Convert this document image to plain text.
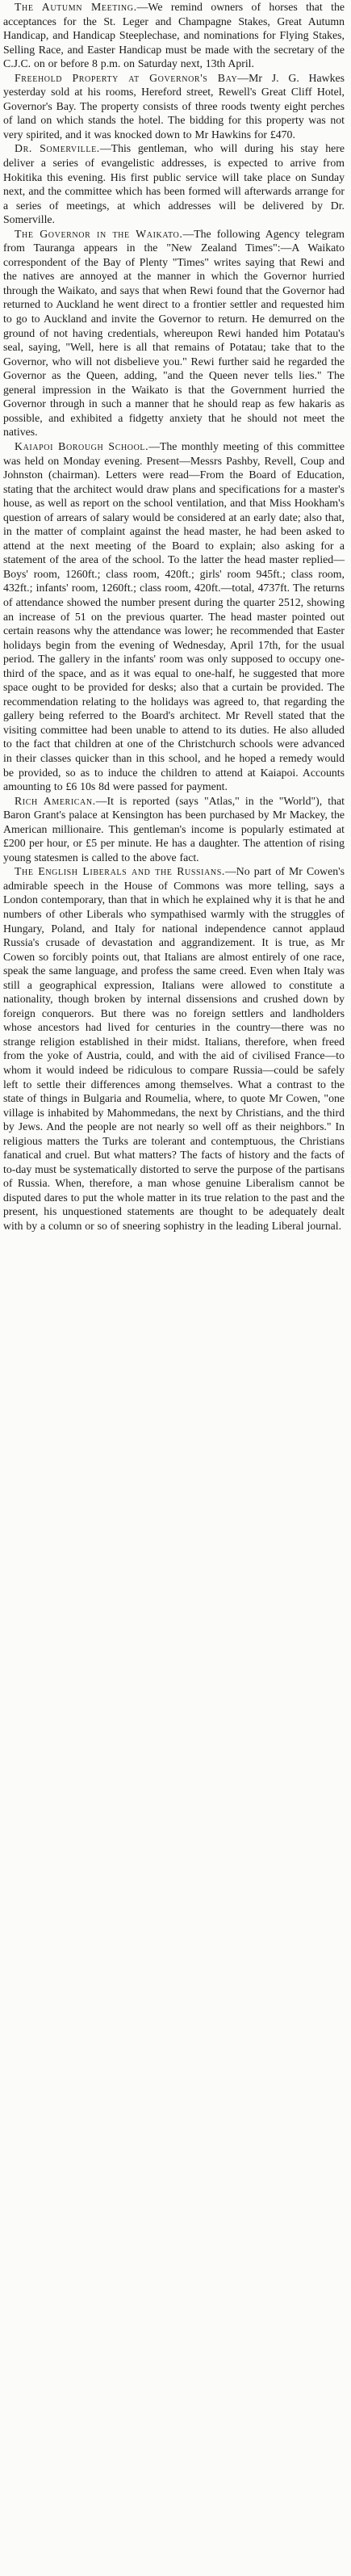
The Autumn Meeting.—We remind owners of horses that the acceptances for the St. Leger and Champagne Stakes, Great Autumn Handicap, and Handicap Steeplechase, and nominations for Flying Stakes, Selling Race, and Easter Handicap must be made with the secretary of the C.J.C. on or before 8 p.m. on Saturday next, 13th April.

Freehold Property at Governor's Bay—Mr J. G. Hawkes yesterday sold at his rooms, Hereford street, Rewell's Great Cliff Hotel, Governor's Bay. The property consists of three roods twenty eight perches of land on which stands the hotel. The bidding for this property was not very spirited, and it was knocked down to Mr Hawkins for £470.

Dr. Somerville.—This gentleman, who will during his stay here deliver a series of evangelistic addresses, is expected to arrive from Hokitika this evening. His first public service will take place on Sunday next, and the committee which has been formed will afterwards arrange for a series of meetings, at which addresses will be delivered by Dr. Somerville.

The Governor in the Waikato.—The following Agency telegram from Tauranga appears in the "New Zealand Times":—A Waikato correspondent of the Bay of Plenty "Times" writes saying that Rewi and the natives are annoyed at the manner in which the Governor hurried through the Waikato, and says that when Rewi found that the Governor had returned to Auckland he went direct to a frontier settler and requested him to go to Auckland and invite the Governor to return. He demurred on the ground of not having credentials, whereupon Rewi handed him Potatau's seal, saying, "Well, here is all that remains of Potatau; take that to the Governor, who will not disbelieve you." Rewi further said he regarded the Governor as the Queen, adding, "and the Queen never tells lies." The general impression in the Waikato is that the Government hurried the Governor through in such a manner that he should reap as few hakaris as possible, and exhibited a fidgetty anxiety that he should not meet the natives.

Kaiapoi Borough School.—The monthly meeting of this committee was held on Monday evening. Present—Messrs Pashby, Revell, Coup and Johnston (chairman). Letters were read—From the Board of Education, stating that the architect would draw plans and specifications for a master's house, as well as report on the school ventilation, and that Miss Hookham's question of arrears of salary would be considered at an early date; also that, in the matter of complaint against the head master, he had been asked to attend at the next meeting of the Board to explain; also asking for a statement of the area of the school. To the latter the head master replied—Boys' room, 1260ft.; class room, 420ft.; girls' room 945ft.; class room, 432ft.; infants' room, 1260ft.; class room, 420ft.—total, 4737ft. The returns of attendance showed the number present during the quarter 2512, showing an increase of 51 on the previous quarter. The head master pointed out certain reasons why the attendance was lower; he recommended that Easter holidays begin from the evening of Wednesday, April 17th, for the usual period. The gallery in the infants' room was only supposed to occupy one-third of the space, and as it was equal to one-half, he suggested that more space ought to be provided for desks; also that a curtain be provided. The recommendation relating to the holidays was agreed to, that regarding the gallery being referred to the Board's architect. Mr Revell stated that the visiting committee had been unable to attend to its duties. He also alluded to the fact that children at one of the Christchurch schools were advanced in their classes quicker than in this school, and he hoped a remedy would be provided, so as to induce the children to attend at Kaiapoi. Accounts amounting to £6 10s 8d were passed for payment.

Rich American.—It is reported (says "Atlas," in the "World"), that Baron Grant's palace at Kensington has been purchased by Mr Mackey, the American millionaire. This gentleman's income is popularly estimated at £200 per hour, or £5 per minute. He has a daughter. The attention of rising young statesmen is called to the above fact.

The English Liberals and the Russians.—No part of Mr Cowen's admirable speech in the House of Commons was more telling, says a London contemporary, than that in which he explained why it is that he and numbers of other Liberals who sympathised warmly with the struggles of Hungary, Poland, and Italy for national independence cannot applaud Russia's crusade of devastation and aggrandizement. It is true, as Mr Cowen so forcibly points out, that Italians are almost entirely of one race, speak the same language, and profess the same creed. Even when Italy was still a geographical expression, Italians were allowed to constitute a nationality, though broken by internal dissensions and crushed down by foreign conquerors. But there was no foreign settlers and landholders whose ancestors had lived for centuries in the country—there was no strange religion established in their midst. Italians, therefore, when freed from the yoke of Austria, could, and with the aid of civilised France—to whom it would indeed be ridiculous to compare Russia—could be safely left to settle their differences among themselves. What a contrast to the state of things in Bulgaria and Roumelia, where, to quote Mr Cowen, "one village is inhabited by Mahommedans, the next by Christians, and the third by Jews. And the people are not nearly so well off as their neighbors." In religious matters the Turks are tolerant and contemptuous, the Christians fanatical and cruel. But what matters? The facts of history and the facts of to-day must be systematically distorted to serve the purpose of the partisans of Russia. When, therefore, a man whose genuine Liberalism cannot be disputed dares to put the whole matter in its true relation to the past and the present, his unquestioned statements are thought to be adequately dealt with by a column or so of sneering sophistry in the leading Liberal journal.
